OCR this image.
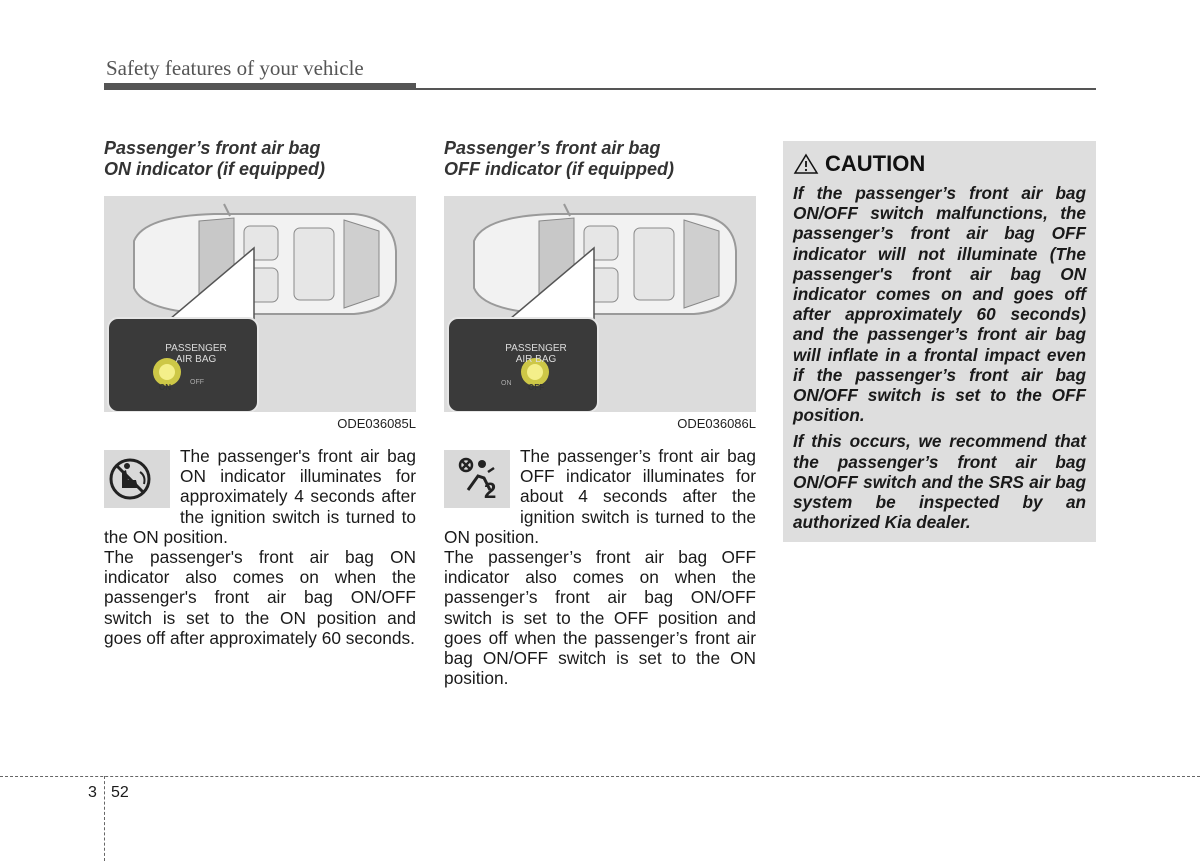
Safety features of your vehicle

Passenger’s front air bag
ON indicator (if equipped)

PASSENGER
AIR BAG
ON
OFF
ODE036085L

The passenger's front air bag ON indicator illuminates for approximately 4 seconds after the ignition switch is turned to the ON position.

The passenger's front air bag ON indicator also comes on when the passenger's front air bag ON/OFF switch is set to the ON position and goes off after approximately 60 seconds.

Passenger’s front air bag
OFF indicator (if equipped)

PASSENGER
AIR BAG
ON OFF
ODE036086L
2

The passenger’s front air bag OFF indicator illuminates for about 4 seconds after the ignition switch is turned to the ON position.

The passenger’s front air bag OFF indicator also comes on when the passenger’s front air bag ON/OFF switch is set to the OFF position and goes off when the passenger’s front air bag ON/OFF switch is set to the ON position.

CAUTION

If the passenger’s front air bag ON/OFF switch malfunctions, the passenger’s front air bag OFF indicator will not illuminate (The passenger's front air bag ON indicator comes on and goes off after approximately 60 seconds) and the passenger’s front air bag will inflate in a frontal impact even if the passenger’s front air bag ON/OFF switch is set to the OFF position.

If this occurs, we recommend that the passenger’s front air bag ON/OFF switch and the SRS air bag system be inspected by an authorized Kia dealer.

3 52
